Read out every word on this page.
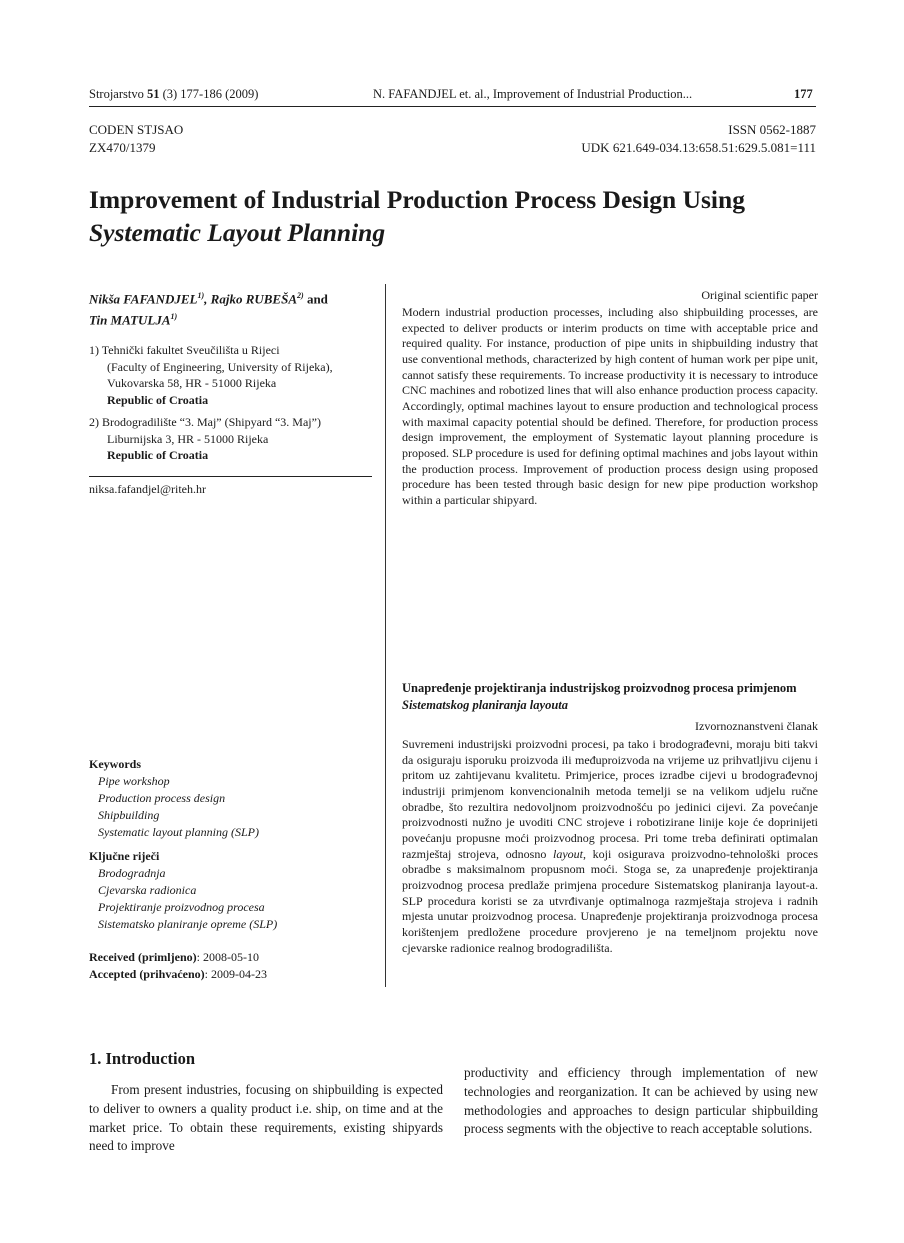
Strojarstvo 51 (3) 177-186 (2009)	N. FAFANDJEL et. al., Improvement of Industrial Production...	177
CODEN STJSAO
ZX470/1379
ISSN 0562-1887
UDK 621.649-034.13:658.51:629.5.081=111
Improvement of Industrial Production Process Design Using
Systematic Layout Planning
Nikša FAFANDJEL$^{1)}$, Rajko RUBEŠA$^{2)}$ and
Tin MATULJA$^{1)}$
1) Tehnički fakultet Sveučilišta u Rijeci
(Faculty of Engineering, University of Rijeka),
Vukovarska 58, HR - 51000 Rijeka
Republic of Croatia
2) Brodogradilište “3. Maj” (Shipyard “3. Maj”)
Liburnijska 3, HR - 51000 Rijeka
Republic of Croatia
niksa.fafandjel@riteh.hr
Original scientific paper
Modern industrial production processes, including also shipbuilding processes, are expected to deliver products or interim products on time with acceptable price and required quality. For instance, production of pipe units in shipbuilding industry that use conventional methods, characterized by high content of human work per pipe unit, cannot satisfy these requirements. To increase productivity it is necessary to introduce CNC machines and robotized lines that will also enhance production process capacity. Accordingly, optimal machines layout to ensure production and technological process with maximal capacity potential should be defined. Therefore, for production process design improvement, the employment of Systematic layout planning procedure is proposed. SLP procedure is used for defining optimal machines and jobs layout within the production process. Improvement of production process design using proposed procedure has been tested through basic design for new pipe production workshop within a particular shipyard.
Unapređenje projektiranja industrijskog proizvodnog procesa primjenom Sistematskog planiranja layouta
Izvornoznanstveni članak
Suvremeni industrijski proizvodni procesi, pa tako i brodograđevni, moraju biti takvi da osiguraju isporuku proizvoda ili međuproizvoda na vrijeme uz prihvatljivu cijenu i pritom uz zahtijevanu kvalitetu. Primjerice, proces izradbe cijevi u brodograđevnoj industriji primjenom konvencionalnih metoda temelji se na velikom udjelu ručne obradbe, što rezultira nedovoljnom proizvodnošću po jedinici cijevi. Za povećanje proizvodnosti nužno je uvoditi CNC strojeve i robotizirane linije koje će doprinijeti povećanju propusne moći proizvodnog procesa. Pri tome treba definirati optimalan razmještaj strojeva, odnosno layout, koji osigurava proizvodno-tehnološki proces obradbe s maksimalnom propusnom moći. Stoga se, za unapređenje projektiranja proizvodnog procesa predlaže primjena procedure Sistematskog planiranja layout-a. SLP procedura koristi se za utvrđivanje optimalnoga razmještaja strojeva i radnih mjesta unutar proizvodnog procesa. Unapređenje projektiranja proizvodnoga procesa korištenjem predložene procedure provjereno je na temeljnom projektu nove cjevarske radionice realnog brodogradilišta.
Keywords
Pipe workshop
Production process design
Shipbuilding
Systematic layout planning (SLP)
Ključne riječi
Brodogradnja
Cjevarska radionica
Projektiranje proizvodnog procesa
Sistematsko planiranje opreme (SLP)
Received (primljeno): 2008-05-10
Accepted (prihvaćeno): 2009-04-23
1. Introduction
From present industries, focusing on shipbuilding is expected to deliver to owners a quality product i.e. ship, on time and at the market price. To obtain these requirements, existing shipyards need to improve
productivity and efficiency through implementation of new technologies and reorganization. It can be achieved by using new methodologies and approaches to design particular shipbuilding process segments with the objective to reach acceptable solutions.
